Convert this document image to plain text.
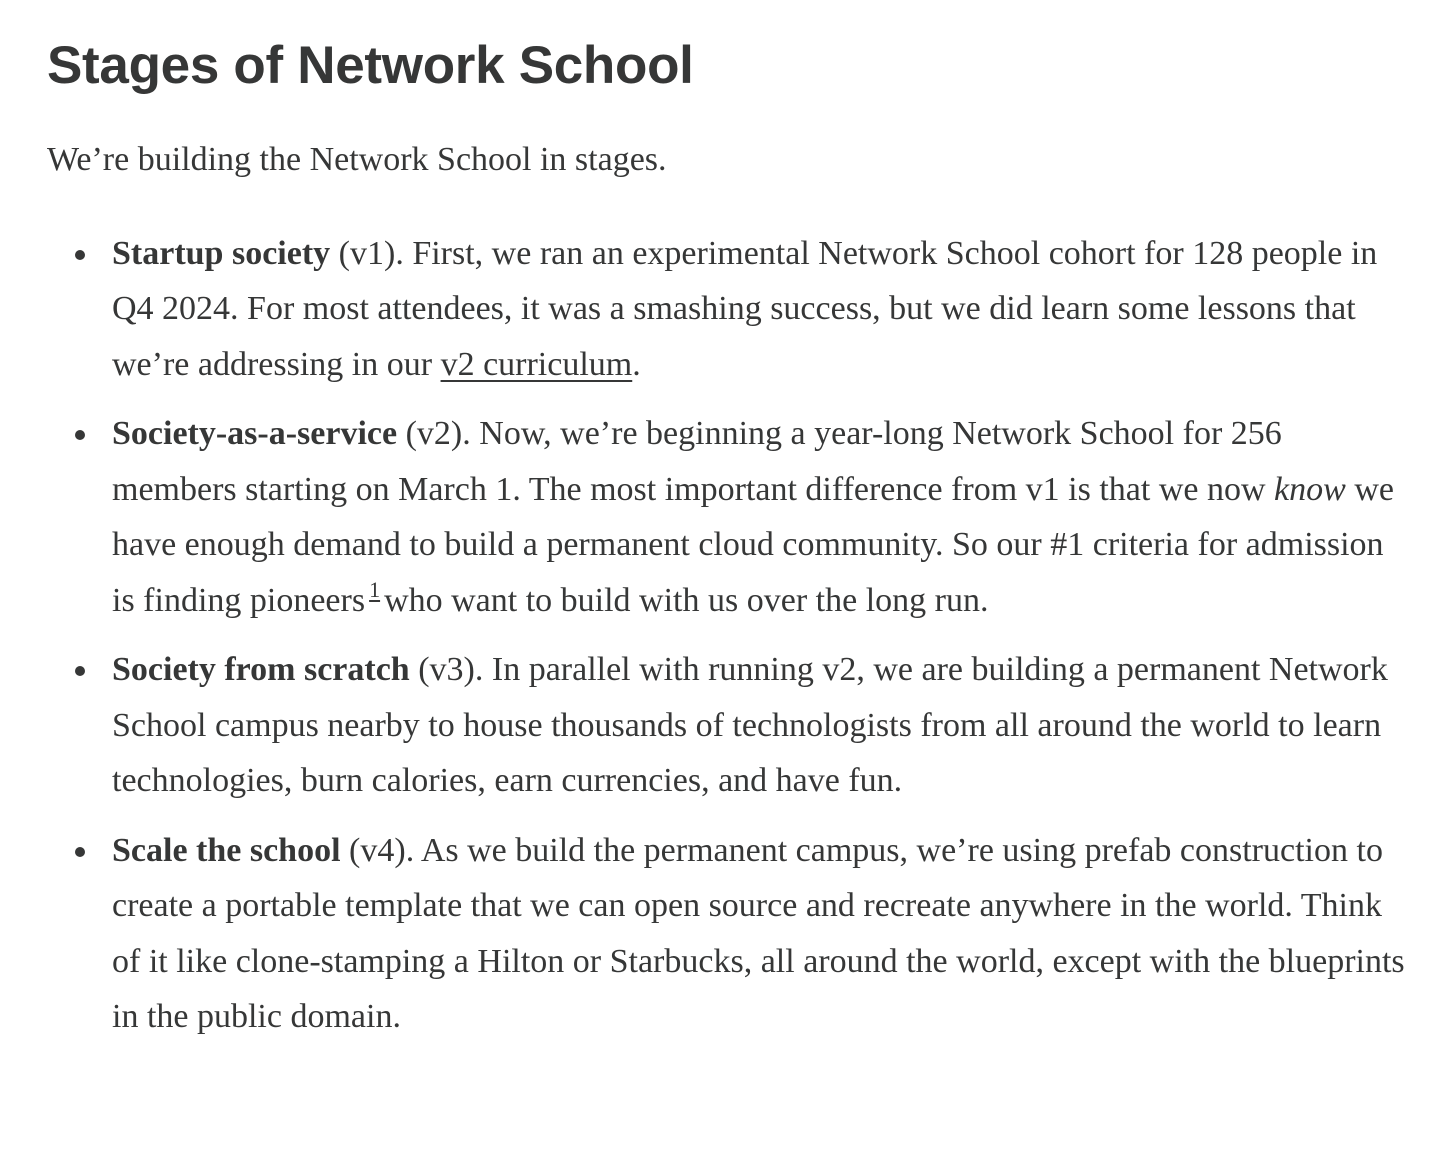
Stages of Network School

We’re building the Network School in stages.

Startup society (v1). First, we ran an experimental Network School cohort for 128 people in Q4 2024. For most attendees, it was a smashing success, but we did learn some lessons that we’re addressing in our v2 curriculum.
Society-as-a-service (v2). Now, we’re beginning a year-long Network School for 256 members starting on March 1. The most important difference from v1 is that we now know we have enough demand to build a permanent cloud community. So our #1 criteria for admission is finding pioneers $^1$ who want to build with us over the long run.
Society from scratch (v3). In parallel with running v2, we are building a permanent Network School campus nearby to house thousands of technologists from all around the world to learn technologies, burn calories, earn currencies, and have fun.
Scale the school (v4). As we build the permanent campus, we’re using prefab construction to create a portable template that we can open source and recreate anywhere in the world. Think of it like clone-stamping a Hilton or Starbucks, all around the world, except with the blueprints in the public domain.
